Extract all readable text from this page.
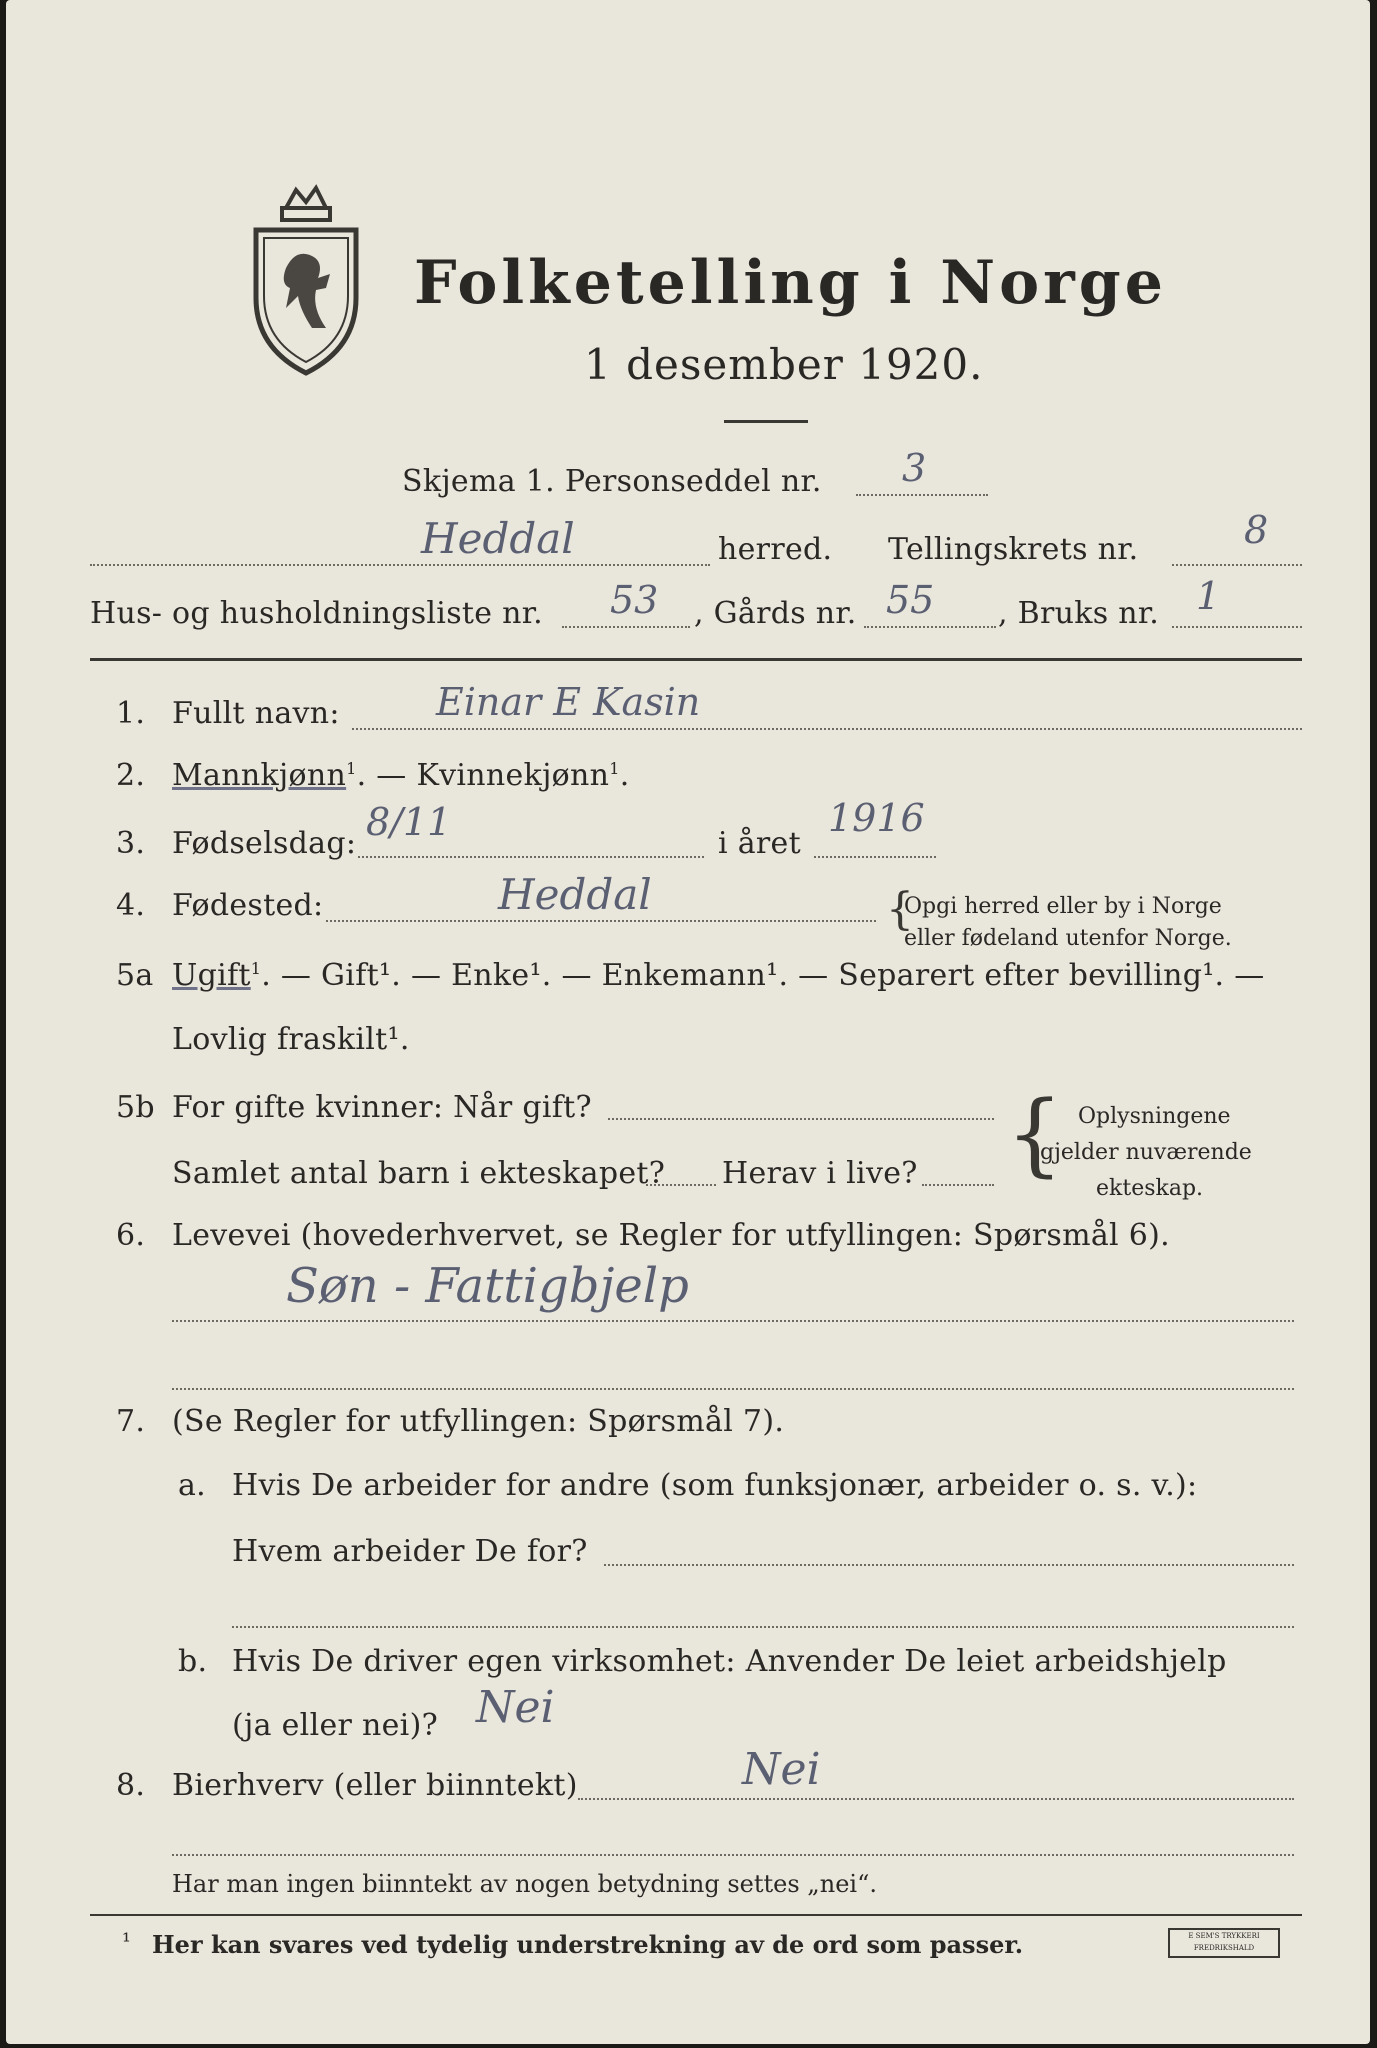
Folketelling i Norge
1 desember 1920.
Skjema 1. Personseddel nr. 3
Heddal	herred. Tellingskrets nr.	8
Hus- og husholdningsliste nr. 53 , Gårds nr. 55 , Bruks nr. 1
1. Fullt navn:	Einar E Kasin
2. Mannkjønn$^1$. — Kvinnekjønn$^1$.
3. Fødselsdag: 8/11	i året
1916
4. Fødested:	Heddal	{
Opgi herred eller by i Norge
eller fødeland utenfor Norge.
5a Ugift$^1$. — Gift¹. — Enke¹. — Enkemann¹. — Separert efter bevilling¹. —
Lovlig fraskilt¹.
5b For gifte kvinner: Når gift?
Samlet antal barn i ekteskapet? Herav i live? { Oplysningene
gjelder nuværende
ekteskap.
6. Levevei (hovederhvervet, se Regler for utfyllingen: Spørsmål 6).
Søn - Fattigbjelp
7. (Se Regler for utfyllingen: Spørsmål 7).
a. Hvis De arbeider for andre (som funksjonær, arbeider o. s. v.):
Hvem arbeider De for?
b. Hvis De driver egen virksomhet: Anvender De leiet arbeidshjelp
(ja eller nei)? Nei
8. Bierhverv (eller biinntekt)	Nei
Har man ingen biinntekt av nogen betydning settes „nei“.
¹ Her kan svares ved tydelig understrekning av de ord som passer.	E SEM'S TRYKKERI FREDRIKSHALD
